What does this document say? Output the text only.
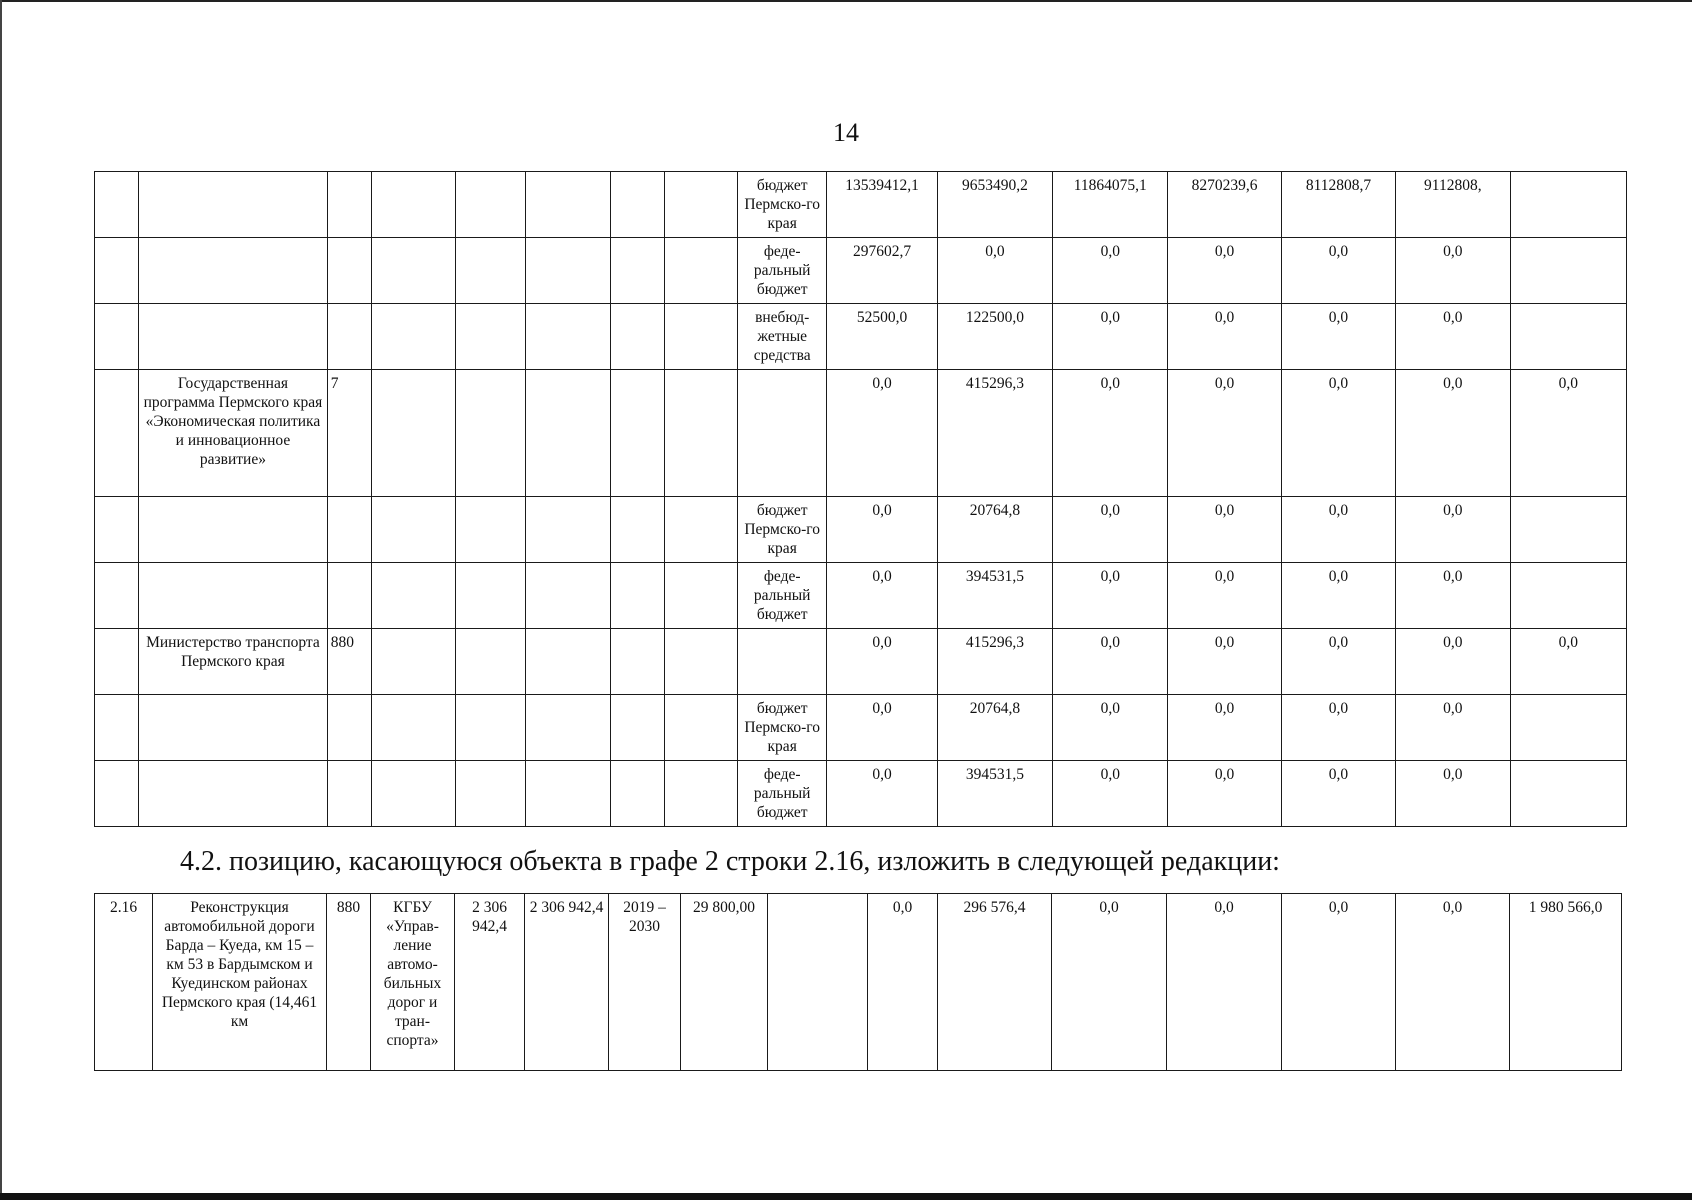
14
								бюджет Пермско-го края	13539412,1	9653490,2	11864075,1	8270239,6	8112808,7	9112808,	
								феде-ральный бюджет	297602,7	0,0	0,0	0,0	0,0	0,0	
								внебюд-жетные средства	52500,0	122500,0	0,0	0,0	0,0	0,0	
	Государственная программа Пермского края «Экономическая политика и инновационное развитие»	7							0,0	415296,3	0,0	0,0	0,0	0,0	0,0
								бюджет Пермско-го края	0,0	20764,8	0,0	0,0	0,0	0,0	
								феде-ральный бюджет	0,0	394531,5	0,0	0,0	0,0	0,0	
	Министерство транспорта Пермского края	880							0,0	415296,3	0,0	0,0	0,0	0,0	0,0
								бюджет Пермско-го края	0,0	20764,8	0,0	0,0	0,0	0,0	
								феде-ральный бюджет	0,0	394531,5	0,0	0,0	0,0	0,0	
4.2. позицию, касающуюся объекта в графе 2 строки 2.16, изложить в следующей редакции:
2.16	Реконструкция автомобильной дороги Барда – Куеда, км 15 – км 53 в Бардымском и Куединском районах Пермского края (14,461 км	880	КГБУ «Управ-ление автомо-бильных дорог и тран-спорта»	2 306 942,4	2 306 942,4	2019 – 2030	29 800,00		0,0	296 576,4	0,0	0,0	0,0	0,0	1 980 566,0
